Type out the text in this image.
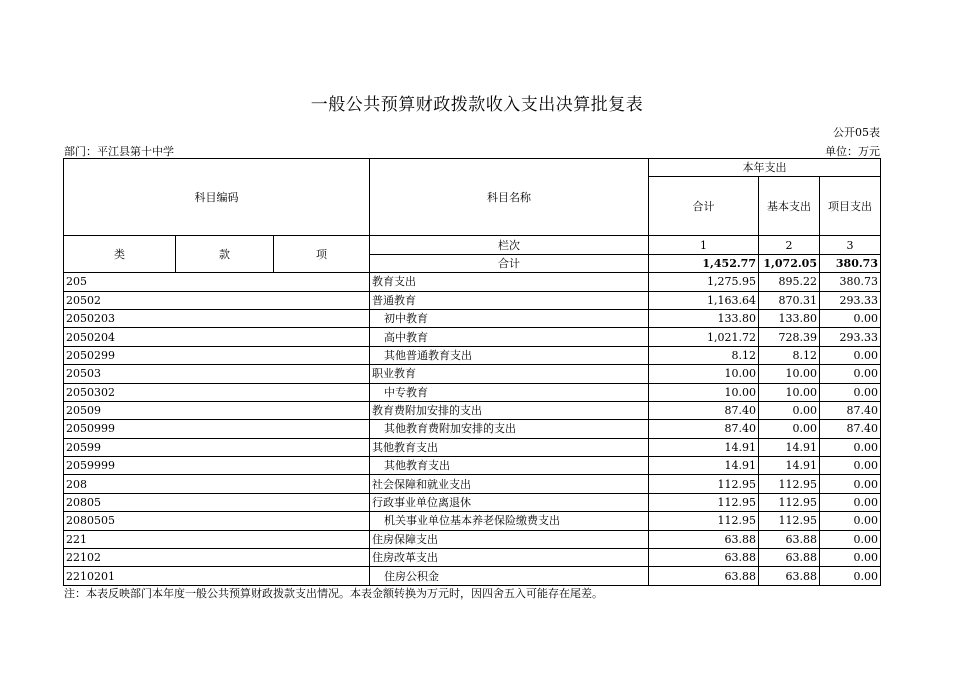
一般公共预算财政拨款收入支出决算批复表
公开05表
部门：平江县第十中学	单位：万元
科目编码			科目名称	本年支出		
				合计	基本支出	项目支出

类	款	项	栏次	1	2	3
			合计	1,452.77	1,072.05	380.73
205			教育支出	1,275.95	895.22	380.73
20502			普通教育	1,163.64	870.31	293.33
2050203			初中教育	133.80	133.80	0.00
2050204			高中教育	1,021.72	728.39	293.33
2050299			其他普通教育支出	8.12	8.12	0.00
20503			职业教育	10.00	10.00	0.00
2050302			中专教育	10.00	10.00	0.00
20509			教育费附加安排的支出	87.40	0.00	87.40
2050999			其他教育费附加安排的支出	87.40	0.00	87.40
20599			其他教育支出	14.91	14.91	0.00
2059999			其他教育支出	14.91	14.91	0.00
208			社会保障和就业支出	112.95	112.95	0.00
20805			行政事业单位离退休	112.95	112.95	0.00
2080505			机关事业单位基本养老保险缴费支出	112.95	112.95	0.00
221			住房保障支出	63.88	63.88	0.00
22102			住房改革支出	63.88	63.88	0.00
2210201			住房公积金	63.88	63.88	0.00
注：本表反映部门本年度一般公共预算财政拨款支出情况。本表金额转换为万元时，因四舍五入可能存在尾差。
